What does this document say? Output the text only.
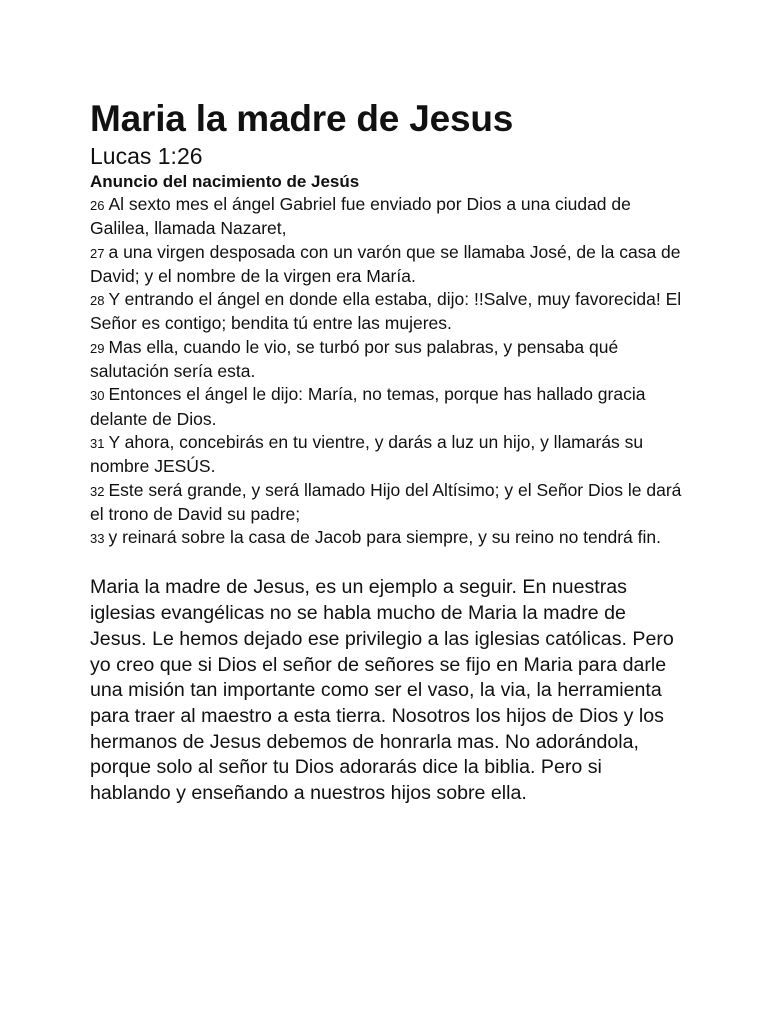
Maria la madre de Jesus
Lucas 1:26
Anuncio del nacimiento de Jesús
26 Al sexto mes el ángel Gabriel fue enviado por Dios a una ciudad de Galilea, llamada Nazaret,
27 a una virgen desposada con un varón que se llamaba José, de la casa de David; y el nombre de la virgen era María.
28 Y entrando el ángel en donde ella estaba, dijo: !!Salve, muy favorecida! El Señor es contigo; bendita tú entre las mujeres.
29 Mas ella, cuando le vio, se turbó por sus palabras, y pensaba qué salutación sería esta.
30 Entonces el ángel le dijo: María, no temas, porque has hallado gracia delante de Dios.
31 Y ahora, concebirás en tu vientre, y darás a luz un hijo, y llamarás su nombre JESÚS.
32 Este será grande, y será llamado Hijo del Altísimo; y el Señor Dios le dará el trono de David su padre;
33 y reinará sobre la casa de Jacob para siempre, y su reino no tendrá fin.

Maria la madre de Jesus, es un ejemplo a seguir. En nuestras iglesias evangélicas no se habla mucho de Maria la madre de Jesus. Le hemos dejado ese privilegio a las iglesias católicas. Pero yo creo que si Dios el señor de señores se fijo en Maria para darle una misión tan importante como ser el vaso, la via, la herramienta para traer al maestro a esta tierra. Nosotros los hijos de Dios y los hermanos de Jesus debemos de honrarla mas. No adorándola, porque solo al señor tu Dios adorarás dice la biblia. Pero si hablando y enseñando a nuestros hijos sobre ella.
